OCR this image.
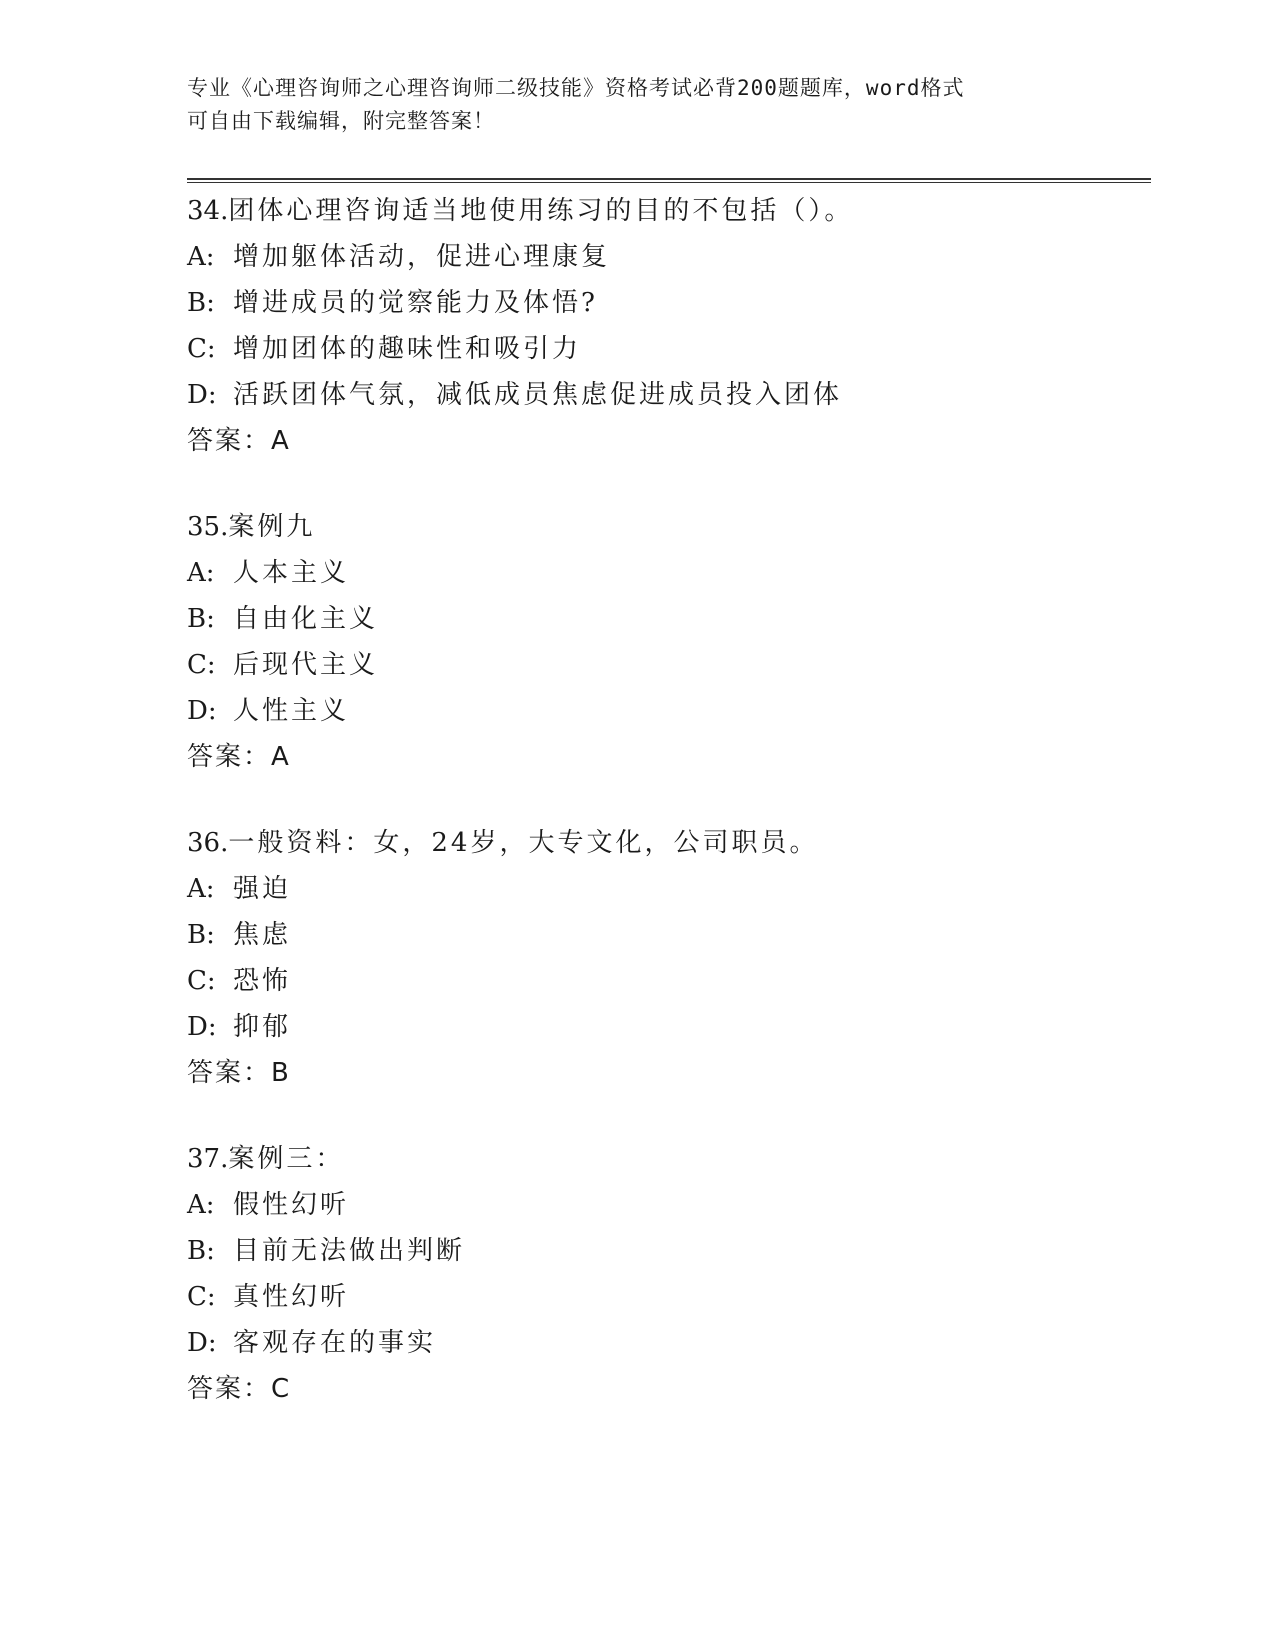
专业《心理咨询师之心理咨询师二级技能》资格考试必背200题题库，word格式
可自由下载编辑，附完整答案！
34.团体心理咨询适当地使用练习的目的不包括（）。
A: 增加躯体活动，促进心理康复
B: 增进成员的觉察能力及体悟?
C: 增加团体的趣味性和吸引力
D: 活跃团体气氛，减低成员焦虑促进成员投入团体
答案：A
35.案例九
A: 人本主义
B: 自由化主义
C: 后现代主义
D: 人性主义
答案：A
36.一般资料：女，24岁，大专文化，公司职员。
A: 强迫
B: 焦虑
C: 恐怖
D: 抑郁
答案：B
37.案例三：
A: 假性幻听
B: 目前无法做出判断
C: 真性幻听
D: 客观存在的事实
答案：C
